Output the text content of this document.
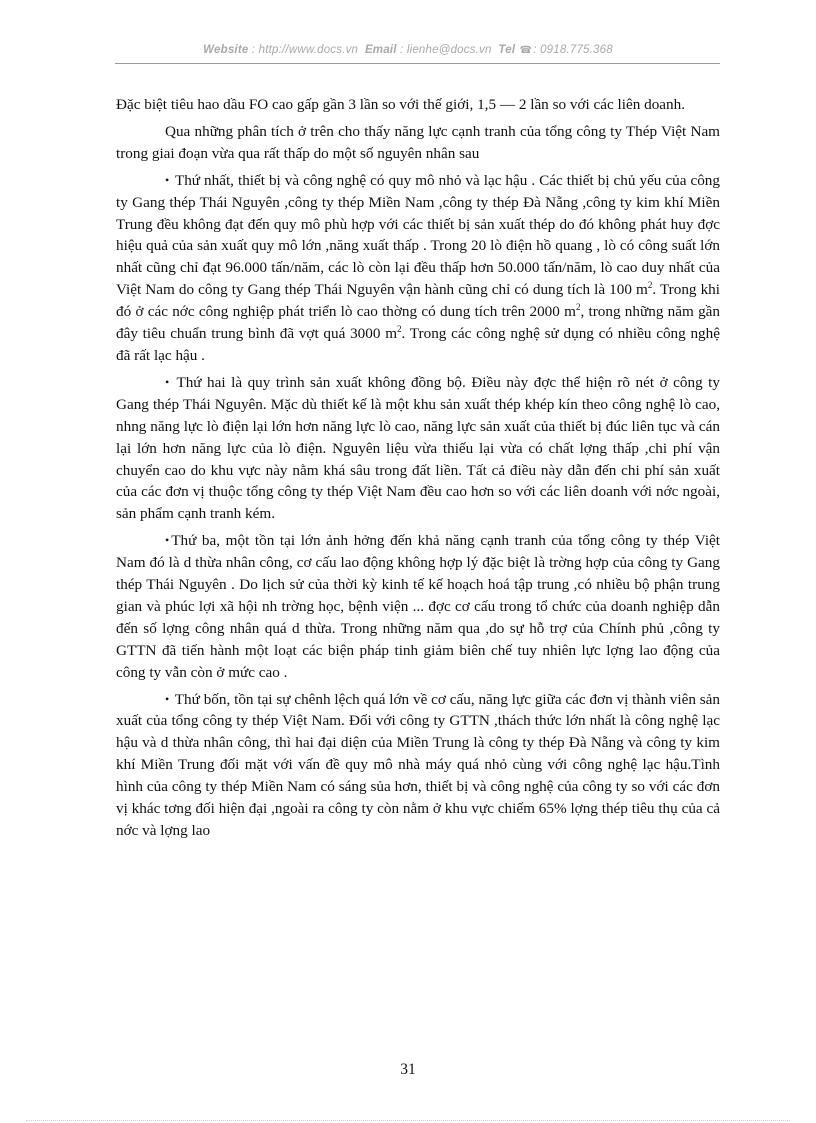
Website : http://www.docs.vn Email : lienhe@docs.vn Tel ☎: 0918.775.368

Đặc biệt tiêu hao dầu FO cao gấp gần 3 lần so với thế giới, 1,5 — 2 lần so với các liên doanh.

Qua những phân tích ở trên cho thấy năng lực cạnh tranh của tổng công ty Thép Việt Nam trong giai đoạn vừa qua rất thấp do một số nguyên nhân sau

• Thứ nhất, thiết bị và công nghệ có quy mô nhỏ và lạc hậu . Các thiết bị chủ yếu của công ty Gang thép Thái Nguyên ,công ty thép Miền Nam ,công ty thép Đà Nẵng ,công ty kim khí Miền Trung đều không đạt đến quy mô phù hợp với các thiết bị sản xuất thép do đó không phát huy đợc hiệu quả của sản xuất quy mô lớn ,năng xuất thấp . Trong 20 lò điện hồ quang , lò có công suất lớn nhất cũng chỉ đạt 96.000 tấn/năm, các lò còn lại đều thấp hơn 50.000 tấn/năm, lò cao duy nhất của Việt Nam do công ty Gang thép Thái Nguyên vận hành cũng chỉ có dung tích là 100 $m^2$. Trong khi đó ở các nớc công nghiệp phát triển lò cao thờng có dung tích trên 2000 $m^2$, trong những năm gần đây tiêu chuẩn trung bình đã vợt quá 3000 $m^2$. Trong các công nghệ sử dụng có nhiều công nghệ đã rất lạc hậu .

• Thứ hai là quy trình sản xuất không đồng bộ. Điều này đợc thể hiện rõ nét ở công ty Gang thép Thái Nguyên. Mặc dù thiết kế là một khu sản xuất thép khép kín theo công nghệ lò cao, nhng năng lực lò điện lại lớn hơn năng lực lò cao, năng lực sản xuất của thiết bị đúc liên tục và cán lại lớn hơn năng lực của lò điện. Nguyên liệu vừa thiếu lại vừa có chất lợng thấp ,chi phí vận chuyển cao do khu vực này nằm khá sâu trong đất liền. Tất cả điều này dẫn đến chi phí sản xuất của các đơn vị thuộc tổng công ty thép Việt Nam đều cao hơn so với các liên doanh với nớc ngoài, sản phẩm cạnh tranh kém.

• Thứ ba, một tồn tại lớn ảnh hởng đến khả năng cạnh tranh của tổng công ty thép Việt Nam đó là d thừa nhân công, cơ cấu lao động không hợp lý đặc biệt là trờng hợp của công ty Gang thép Thái Nguyên . Do lịch sử của thời kỳ kinh tế kế hoạch hoá tập trung ,có nhiều bộ phận trung gian và phúc lợi xã hội nh trờng học, bệnh viện ... đợc cơ cấu trong tổ chức của doanh nghiệp dẫn đến số lợng công nhân quá d thừa. Trong những năm qua ,do sự hỗ trợ của Chính phủ ,công ty GTTN đã tiến hành một loạt các biện pháp tinh giảm biên chế tuy nhiên lực lợng lao động của công ty vẫn còn ở mức cao .

• Thứ bốn, tồn tại sự chênh lệch quá lớn về cơ cấu, năng lực giữa các đơn vị thành viên sản xuất của tổng công ty thép Việt Nam. Đối với công ty GTTN ,thách thức lớn nhất là công nghệ lạc hậu và d thừa nhân công, thì hai đại diện của Miền Trung là công ty thép Đà Nẵng và công ty kim khí Miền Trung đối mặt với vấn đề quy mô nhà máy quá nhỏ cùng với công nghệ lạc hậu.Tình hình của công ty thép Miền Nam có sáng sủa hơn, thiết bị và công nghệ của công ty so với các đơn vị khác tơng đối hiện đại ,ngoài ra công ty còn nằm ở khu vực chiếm 65% lợng thép tiêu thụ của cả nớc và lợng lao

31
